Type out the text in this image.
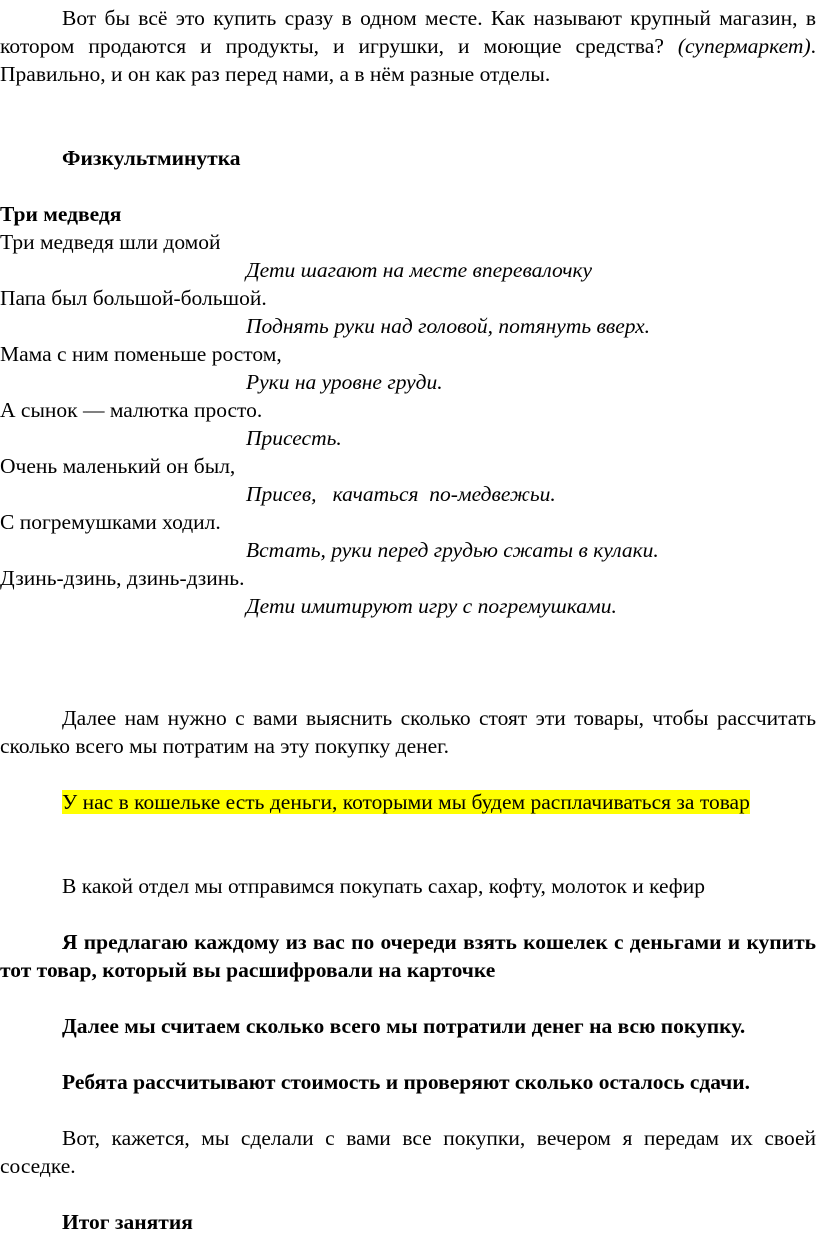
Вот бы всё это купить сразу в одном месте. Как называют крупный магазин, в котором продаются и продукты, и игрушки, и моющие средства? (супермаркет). Правильно, и он как раз перед нами, а в нём разные отделы.

Физкультминутка
Три медведя
Три медведя шли домой
Дети шагают на месте вперевалочку
Папа был большой-большой.
Поднять руки над головой, потянуть вверх.
Мама с ним поменьше ростом,
Руки на уровне груди.
А сынок — малютка просто.
Присесть.
Очень маленький он был,
Присев,   качаться  по-медвежьи.
С погремушками ходил.
Встать, руки перед грудью сжаты в кулаки.
Дзинь-дзинь, дзинь-дзинь.
Дети имитируют игру с погремушками.

Далее нам нужно с вами выяснить сколько стоят эти товары, чтобы рассчитать сколько всего мы потратим на эту покупку денег.

У нас в кошельке есть деньги, которыми мы будем расплачиваться за товар

В какой отдел мы отправимся покупать сахар, кофту, молоток и кефир

Я предлагаю каждому из вас по очереди взять кошелек с деньгами и купить тот товар, который вы расшифровали на карточке

Далее мы считаем сколько всего мы потратили денег на всю покупку.

Ребята рассчитывают стоимость и проверяют сколько осталось сдачи.

Вот, кажется, мы сделали с вами все покупки, вечером я передам их своей соседке.

Итог занятия
